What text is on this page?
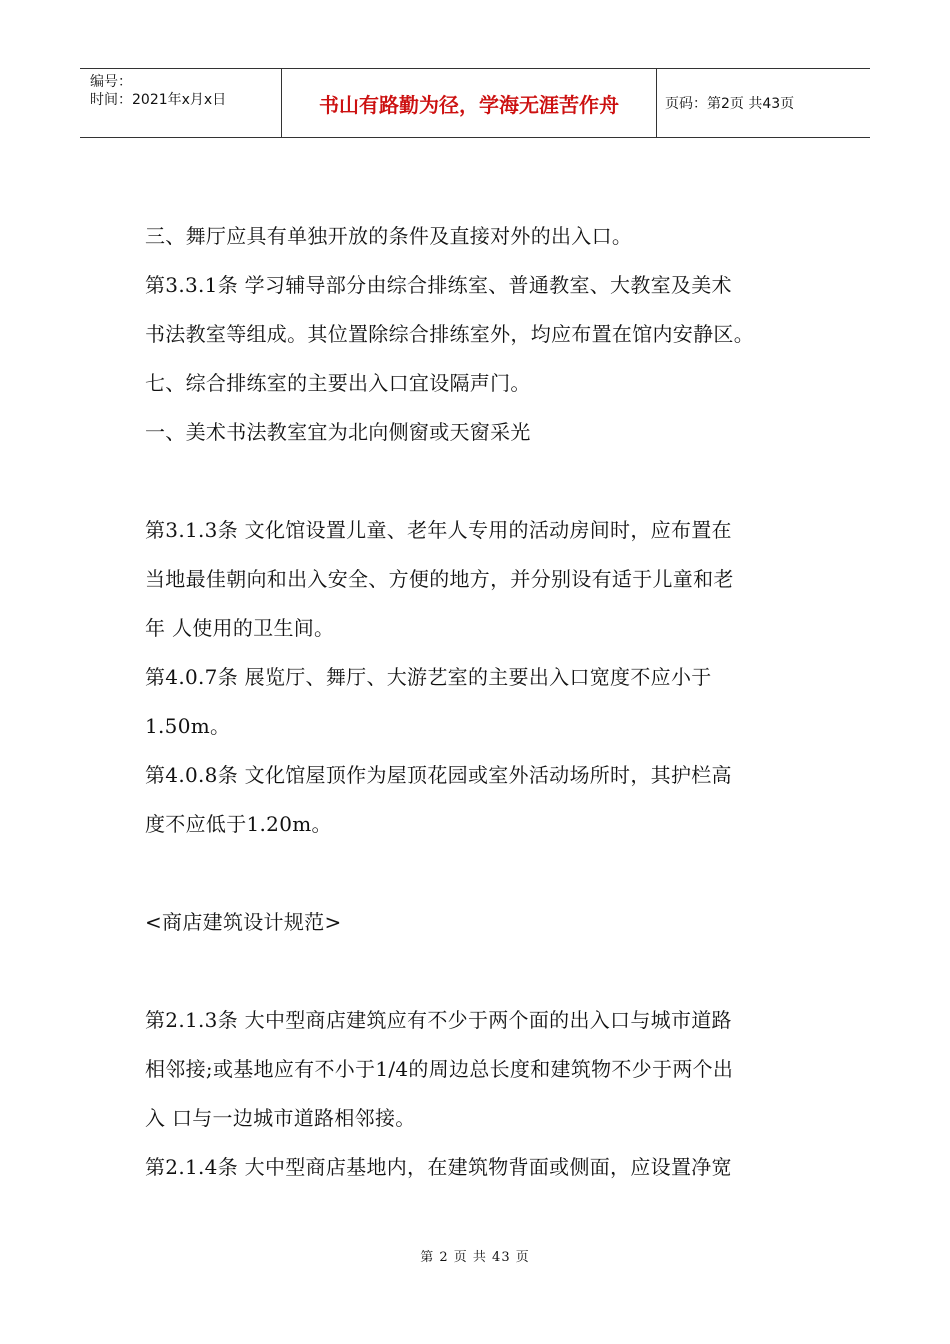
编号：
时间：2021年x月x日	书山有路勤为径，学海无涯苦作舟	页码：第2页 共43页
三、舞厅应具有单独开放的条件及直接对外的出入口。
第3.3.1条 学习辅导部分由综合排练室、普通教室、大教室及美术
书法教室等组成。其位置除综合排练室外，均应布置在馆内安静区。
七、综合排练室的主要出入口宜设隔声门。
一、美术书法教室宜为北向侧窗或天窗采光
第3.1.3条 文化馆设置儿童、老年人专用的活动房间时，应布置在
当地最佳朝向和出入安全、方便的地方，并分别设有适于儿童和老
年 人使用的卫生间。
第4.0.7条 展览厅、舞厅、大游艺室的主要出入口宽度不应小于
1.50m。
第4.0.8条 文化馆屋顶作为屋顶花园或室外活动场所时，其护栏高
度不应低于1.20m。
<商店建筑设计规范>
第2.1.3条 大中型商店建筑应有不少于两个面的出入口与城市道路
相邻接;或基地应有不小于1/4的周边总长度和建筑物不少于两个出
入 口与一边城市道路相邻接。
第2.1.4条 大中型商店基地内，在建筑物背面或侧面，应设置净宽
第 2 页 共 43 页
